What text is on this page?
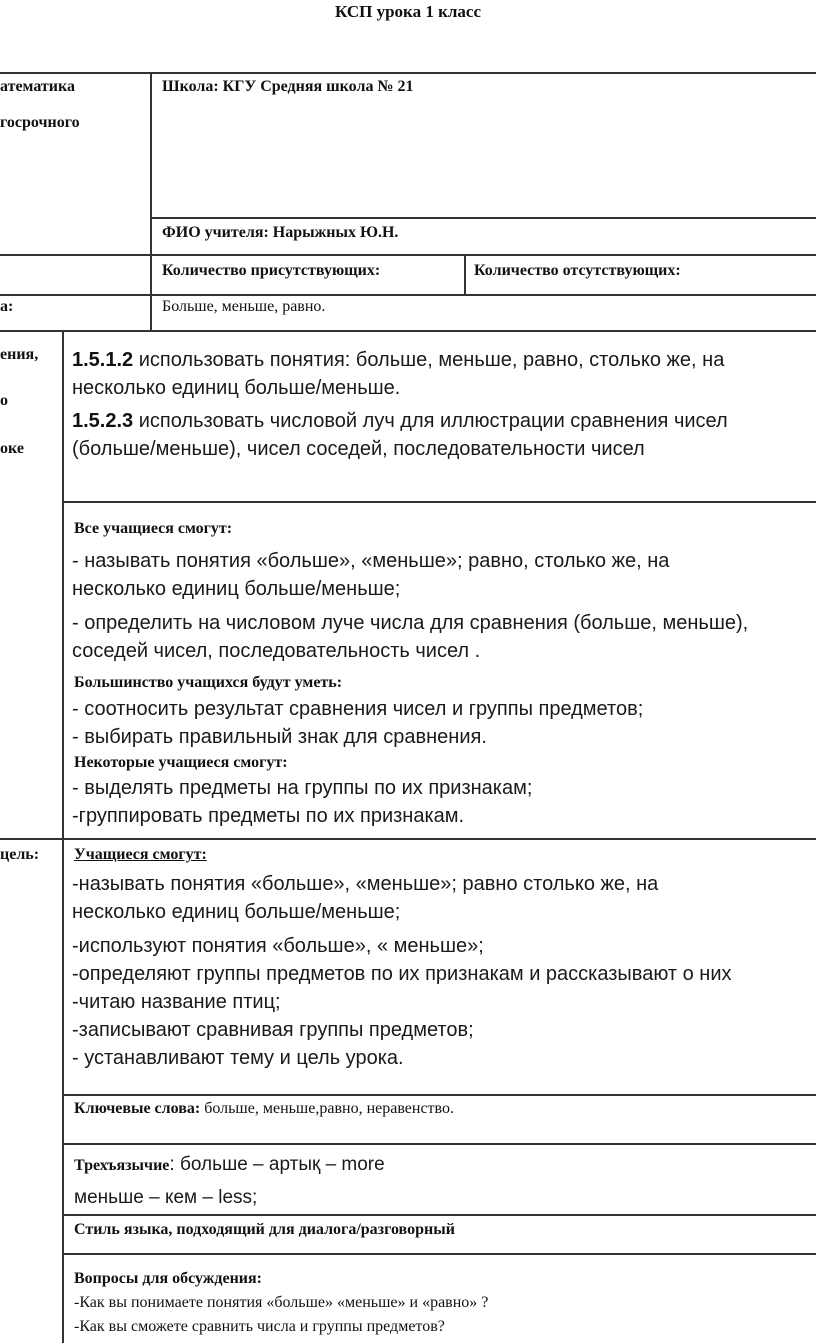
КСП урока 1 класс
атематика
госрочного
Школа: КГУ Средняя школа № 21
ФИО учителя: Нарыжных Ю.Н.
Количество присутствующих:	Количество отсутствующих:
а:	Больше, меньше, равно.
ения,
о
оке
1.5.1.2 использовать понятия: больше, меньше, равно, столько же, на
несколько единиц больше/меньше.
1.5.2.3 использовать числовой луч для иллюстрации сравнения чисел
(больше/меньше), чисел соседей, последовательности чисел
Все учащиеся смогут:
- называть понятия «больше», «меньше»; равно, столько же, на
несколько единиц больше/меньше;
- определить на числовом луче числа для сравнения (больше, меньше),
соседей чисел, последовательность чисел .
Большинство учащихся будут уметь:
- соотносить результат сравнения чисел и группы предметов;
- выбирать правильный знак для сравнения.
Некоторые учащиеся смогут:
- выделять предметы на группы по их признакам;
-группировать предметы по их признакам.
цель: Учащиеся смогут:
-называть понятия «больше», «меньше»; равно столько же, на
несколько единиц больше/меньше;
-используют понятия «больше», « меньше»;
-определяют группы предметов по их признакам и рассказывают о них
-читаю название птиц;
-записывают сравнивая группы предметов;
- устанавливают тему и цель урока.
Ключевые слова: больше, меньше,равно, неравенство.
Трехъязычие: больше – артық – more
меньше – кем – less;
Стиль языка, подходящий для диалога/разговорный
Вопросы для обсуждения:
-Как вы понимаете понятия «больше» «меньше» и «равно» ?
-Как вы сможете сравнить числа и группы предметов?
